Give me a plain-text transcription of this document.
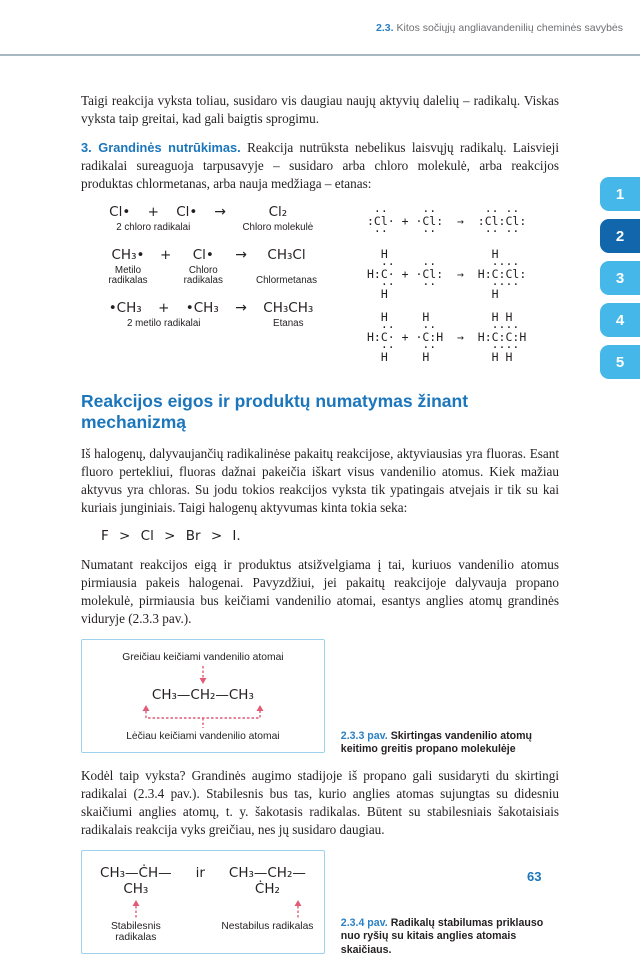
2.3. Kitos sočiųjų angliavandenilių cheminės savybės
1
2
3
4
5

Taigi reakcija vyksta toliau, susidaro vis daugiau naujų aktyvių dalelių – radikalų. Viskas vyksta taip greitai, kad gali baigtis sprogimu.

3. Grandinės nutrūkimas. Reakcija nutrūksta nebelikus laisvųjų radikalų. Laisvieji radikalai sureaguoja tarpusavyje – susidaro arba chloro molekulė, arba reakcijos produktas chlormetanas, arba nauja medžiaga – etanas:

Cl• + Cl• →	Cl₂
2 chloro radikalai	Chloro molekulė
CH₃• + Cl• → CH₃Cl
Metilo radikalas
Chloro radikalas	Chlormetanas
•CH₃ + •CH₃ → CH₃CH₃
2 metilo radikalai	Etanas
··     ··       ·· ··
:Cl· + ·Cl:  →  :Cl:Cl:
··     ··       ·· ··
H               H
··    ··        ····
H:C· + ·Cl:  →  H:C:Cl:
··    ··        ····
H               H
H     H         H H
··    ··        ····
H:C· + ·C:H  →  H:C:C:H
··    ··        ····
H     H         H H
Reakcijos eigos ir produktų numatymas žinant mechanizmą

Iš halogenų, dalyvaujančių radikalinėse pakaitų reakcijose, aktyviausias yra fluoras. Esant fluoro pertekliui, fluoras dažnai pakeičia iškart visus vandenilio atomus. Kiek mažiau aktyvus yra chloras. Su jodu tokios reakcijos vyksta tik ypatingais atvejais ir tik su kai kuriais junginiais. Taigi halogenų aktyvumas kinta tokia seka:

F > Cl > Br > I.

Numatant reakcijos eigą ir produktus atsižvelgiama į tai, kuriuos vandenilio atomus pirmiausia pakeis halogenai. Pavyzdžiui, jei pakaitų reakcijoje dalyvauja propano molekulė, pirmiausia bus keičiami vandenilio atomai, esantys anglies atomų grandinės viduryje (2.3.3 pav.).

Greičiau keičiami vandenilio atomai
CH₃—CH₂—CH₃
Lėčiau keičiami vandenilio atomai	2.3.3 pav. Skirtingas vandenilio atomų keitimo greitis propano molekulėje

Kodėl taip vyksta? Grandinės augimo stadijoje iš propano gali susidaryti du skirtingi radikalai (2.3.4 pav.). Stabilesnis bus tas, kurio anglies atomas sujungtas su didesniu skaičiumi anglies atomų, t. y. šakotasis radikalas. Būtent su stabilesniais šakotaisiais radikalais reakcija vyks greičiau, nes jų susidaro daugiau.

CH₃—ĊH—CH₃
Stabilesnis radikalas
ir	CH₃—CH₂—ĊH₂
Nestabilus radikalas	2.3.4 pav. Radikalų stabilumas priklauso nuo ryšių su kitais anglies atomais skaičiaus.
63
